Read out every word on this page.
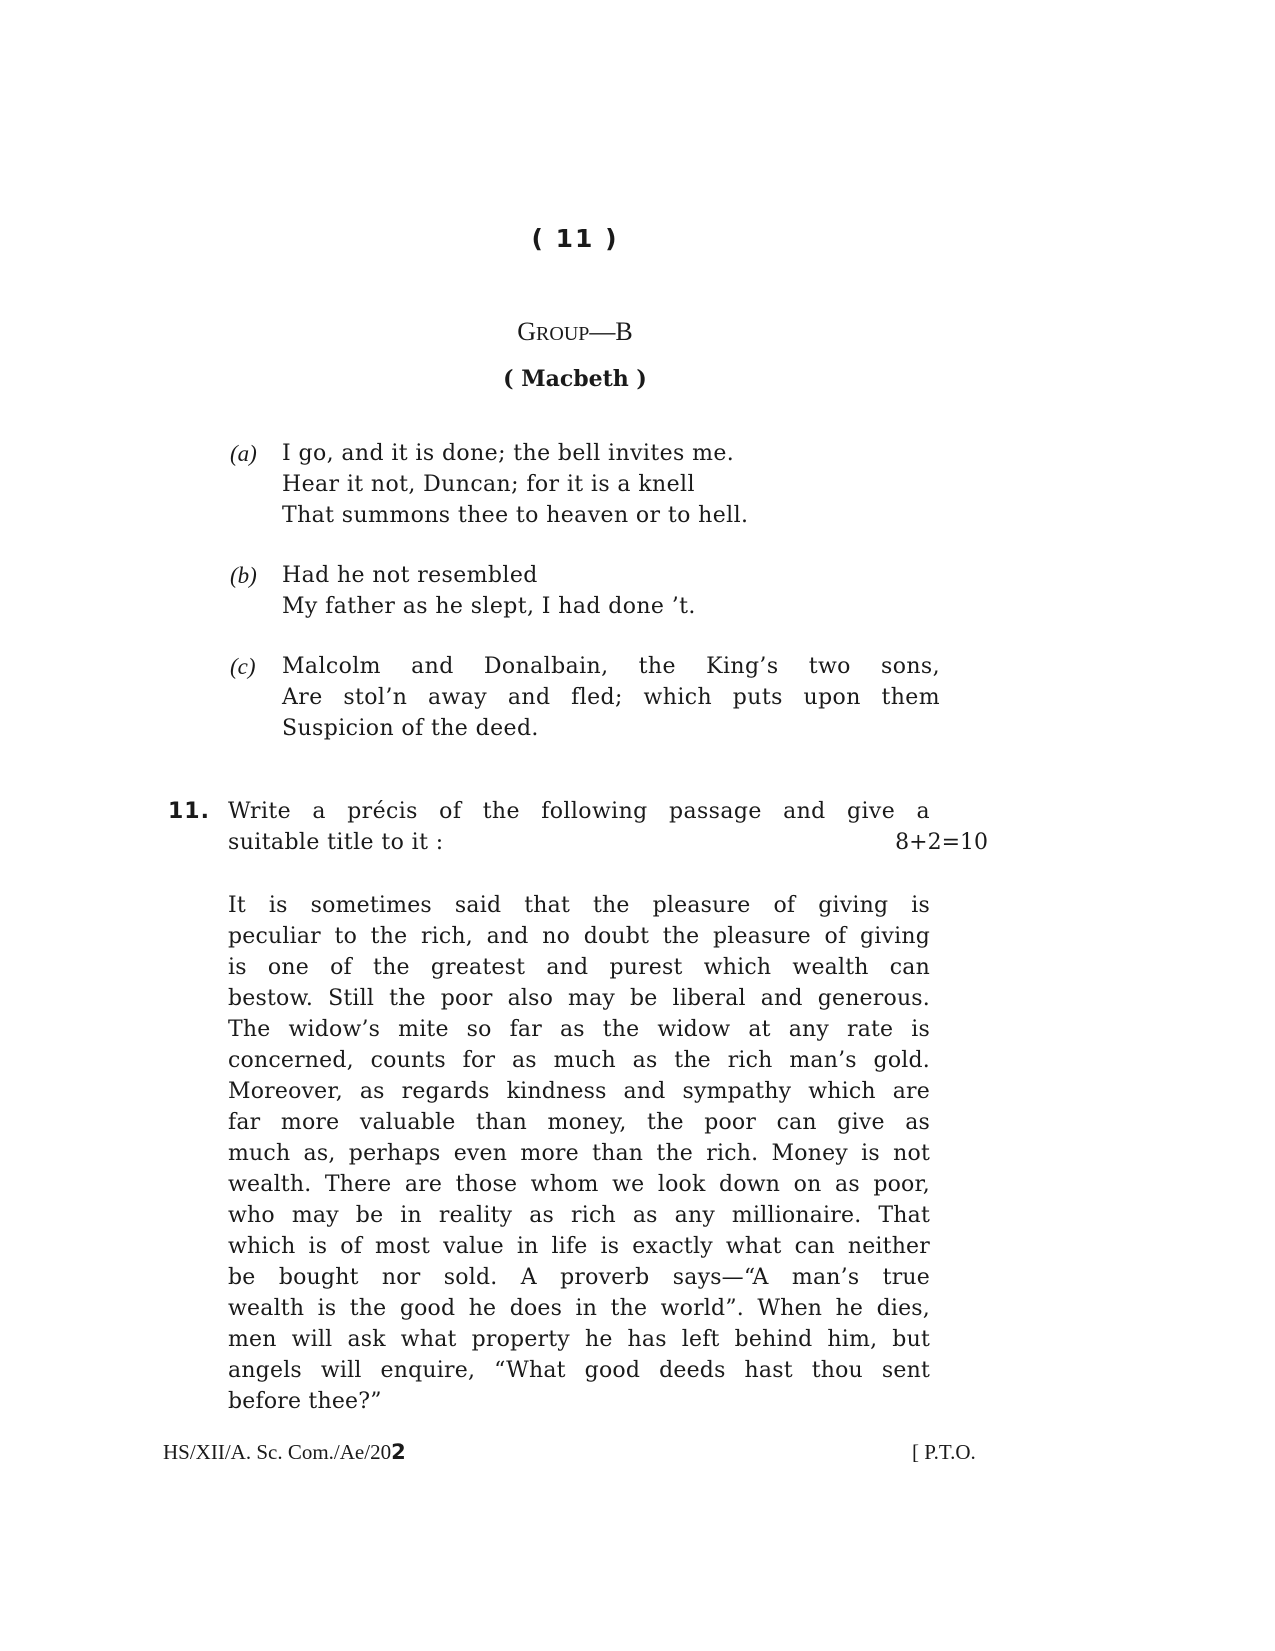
( 11 )
GROUP—B
( Macbeth )
(a) I go, and it is done; the bell invites me.
Hear it not, Duncan; for it is a knell
That summons thee to heaven or to hell.
(b) Had he not resembled
My father as he slept, I had done ’t.
(c) Malcolm and Donalbain, the King’s two sons,
Are stol’n away and fled; which puts upon them
Suspicion of the deed.
11. Write a précis of the following passage and give a
suitable title to it :	8+2=10
It is sometimes said that the pleasure of giving is
peculiar to the rich, and no doubt the pleasure of giving
is one of the greatest and purest which wealth can
bestow. Still the poor also may be liberal and generous.
The widow’s mite so far as the widow at any rate is
concerned, counts for as much as the rich man’s gold.
Moreover, as regards kindness and sympathy which are
far more valuable than money, the poor can give as
much as, perhaps even more than the rich. Money is not
wealth. There are those whom we look down on as poor,
who may be in reality as rich as any millionaire. That
which is of most value in life is exactly what can neither
be bought nor sold. A proverb says—“A man’s true
wealth is the good he does in the world”. When he dies,
men will ask what property he has left behind him, but
angels will enquire, “What good deeds hast thou sent
before thee?”
HS/XII/A. Sc. Com./Ae/202	[ P.T.O.
